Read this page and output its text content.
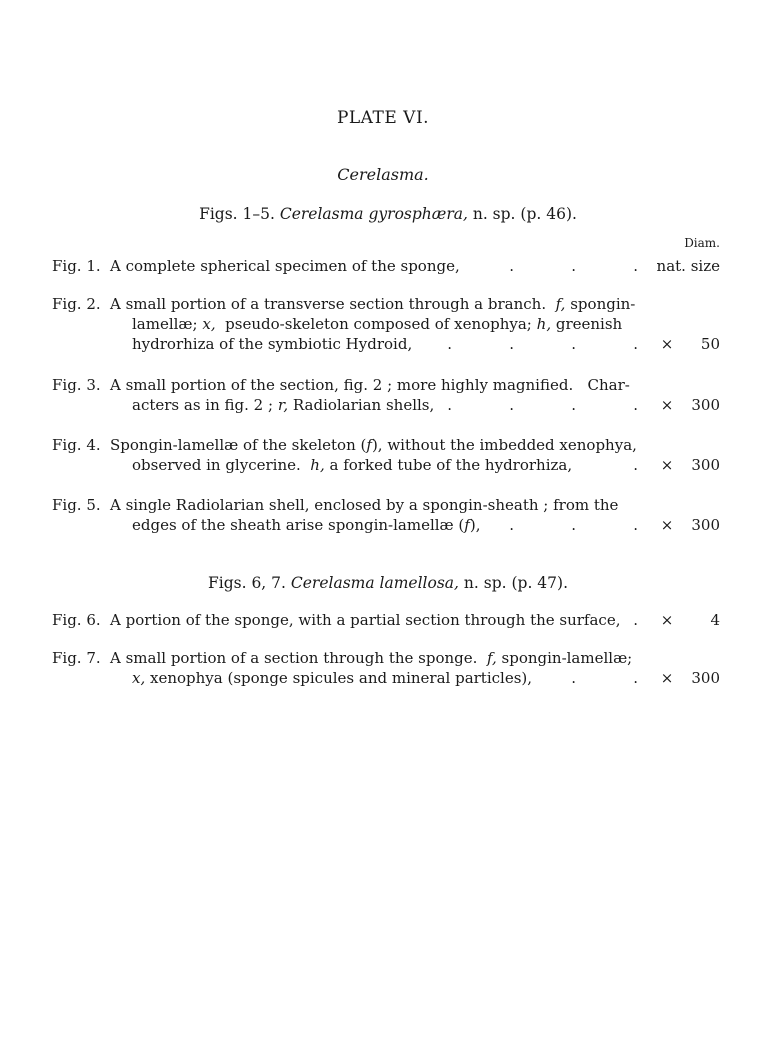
PLATE VI.
Cerelasma.
Figs. 1–5. Cerelasma gyrosphæra, n. sp. (p. 46).
Diam.
Fig. 1. A complete spherical specimen of the sponge,	.	.	. nat. size
Fig. 2. A small portion of a transverse section through a branch. f, spongin-
lamellæ; x, pseudo-skeleton composed of xenophya; h, greenish
hydrorhiza of the symbiotic Hydroid,	.	.	.	. × 50
Fig. 3. A small portion of the section, fig. 2 ; more highly magnified.   Char-
acters as in fig. 2 ; r, Radiolarian shells, .	.	.	. × 300
Fig. 4. Spongin-lamellæ of the skeleton (f), without the imbedded xenophya,
observed in glycerine. h, a forked tube of the hydrorhiza,	. × 300
Fig. 5. A single Radiolarian shell, enclosed by a spongin-sheath ; from the
edges of the sheath arise spongin-lamellæ (f),	.	.	. × 300
Figs. 6, 7. Cerelasma lamellosa, n. sp. (p. 47).
Fig. 6. A portion of the sponge, with a partial section through the surface, . × 4
Fig. 7. A small portion of a section through the sponge. f, spongin-lamellæ;
x, xenophya (sponge spicules and mineral particles),	.	. × 300
